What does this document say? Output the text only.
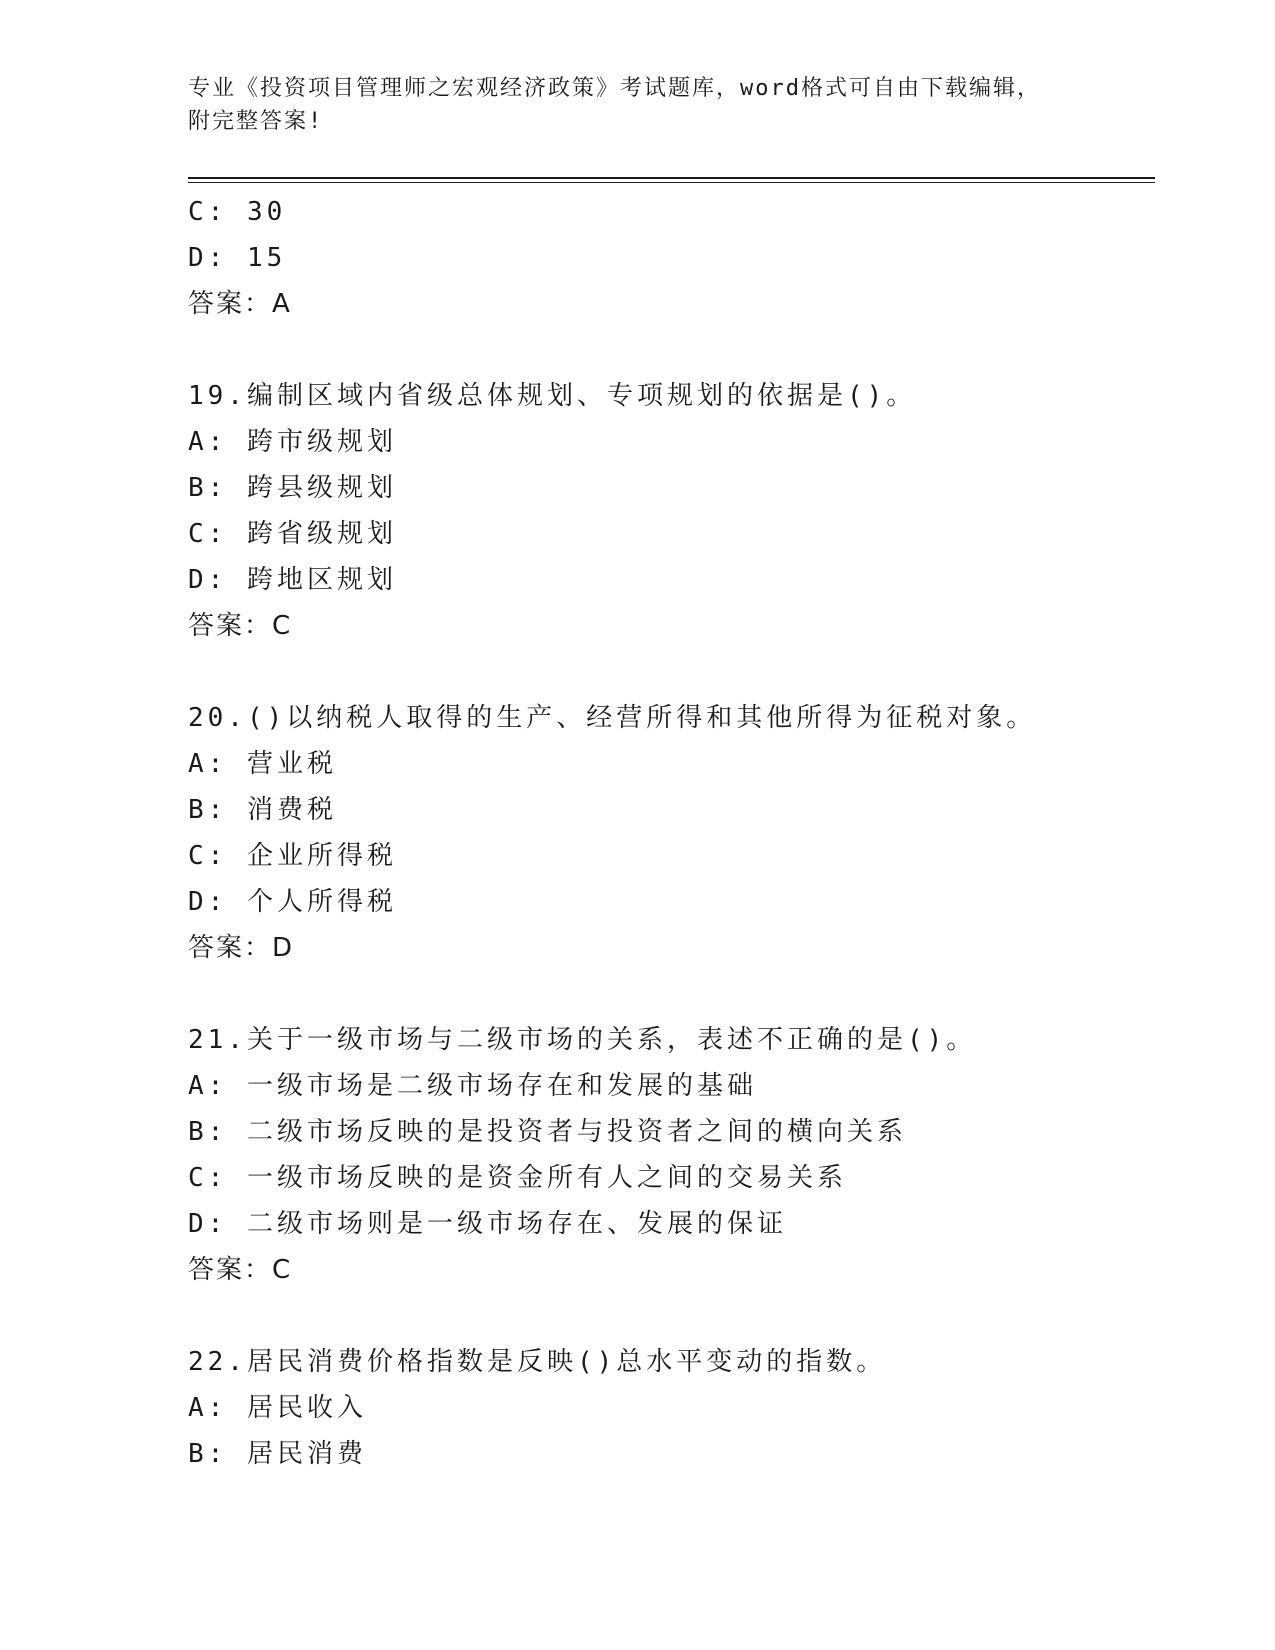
专业《投资项目管理师之宏观经济政策》考试题库，word格式可自由下载编辑，
附完整答案!
C: 30
D: 15
答案：A
19.编制区域内省级总体规划、专项规划的依据是()。
A: 跨市级规划
B: 跨县级规划
C: 跨省级规划
D: 跨地区规划
答案：C
20.()以纳税人取得的生产、经营所得和其他所得为征税对象。
A: 营业税
B: 消费税
C: 企业所得税
D: 个人所得税
答案：D
21.关于一级市场与二级市场的关系，表述不正确的是()。
A: 一级市场是二级市场存在和发展的基础
B: 二级市场反映的是投资者与投资者之间的横向关系
C: 一级市场反映的是资金所有人之间的交易关系
D: 二级市场则是一级市场存在、发展的保证
答案：C
22.居民消费价格指数是反映()总水平变动的指数。
A: 居民收入
B: 居民消费
